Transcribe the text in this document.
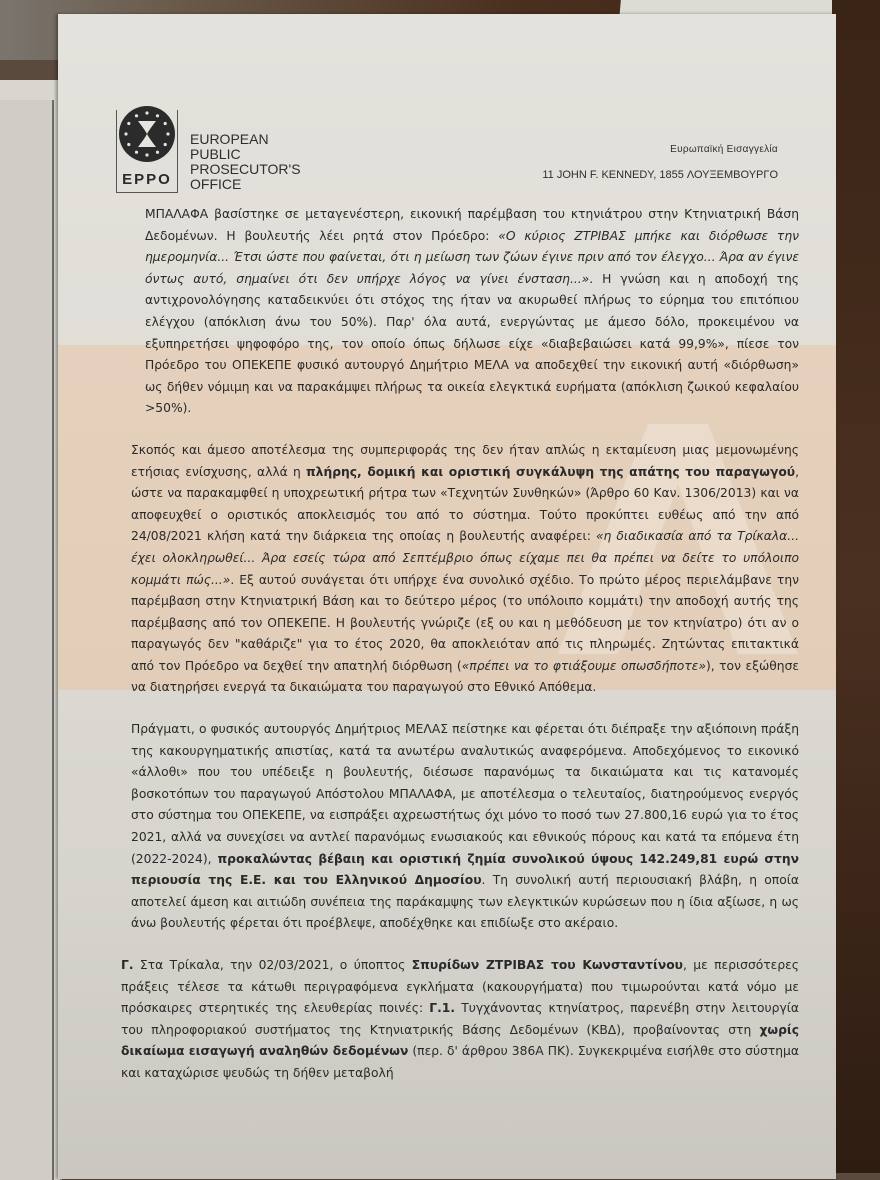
EPPO
EUROPEAN
PUBLIC
PROSECUTOR'S
OFFICE
Ευρωπαϊκή Εισαγγελία
11 JOHN F. KENNEDY, 1855 ΛΟΥΞΕΜΒΟΥΡΓΟ

ΜΠΑΛΑΦΑ βασίστηκε σε μεταγενέστερη, εικονική παρέμβαση του κτηνιάτρου στην Κτηνιατρική Βάση Δεδομένων. Η βουλευτής λέει ρητά στον Πρόεδρο: «Ο κύριος ΖΤΡΙΒΑΣ μπήκε και διόρθωσε την ημερομηνία... Έτσι ώστε που φαίνεται, ότι η μείωση των ζώων έγινε πριν από τον έλεγχο... Άρα αν έγινε όντως αυτό, σημαίνει ότι δεν υπήρχε λόγος να γίνει ένσταση...». Η γνώση και η αποδοχή της αντιχρονολόγησης καταδεικνύει ότι στόχος της ήταν να ακυρωθεί πλήρως το εύρημα του επιτόπιου ελέγχου (απόκλιση άνω του 50%). Παρ' όλα αυτά, ενεργώντας με άμεσο δόλο, προκειμένου να εξυπηρετήσει ψηφοφόρο της, τον οποίο όπως δήλωσε είχε «διαβεβαιώσει κατά 99,9%», πίεσε τον Πρόεδρο του ΟΠΕΚΕΠΕ φυσικό αυτουργό Δημήτριο ΜΕΛΑ να αποδεχθεί την εικονική αυτή «διόρθωση» ως δήθεν νόμιμη και να παρακάμψει πλήρως τα οικεία ελεγκτικά ευρήματα (απόκλιση ζωικού κεφαλαίου >50%).

Σκοπός και άμεσο αποτέλεσμα της συμπεριφοράς της δεν ήταν απλώς η εκταμίευση μιας μεμονωμένης ετήσιας ενίσχυσης, αλλά η πλήρης, δομική και οριστική συγκάλυψη της απάτης του παραγωγού, ώστε να παρακαμφθεί η υποχρεωτική ρήτρα των «Τεχνητών Συνθηκών» (Άρθρο 60 Καν. 1306/2013) και να αποφευχθεί ο οριστικός αποκλεισμός του από το σύστημα. Τούτο προκύπτει ευθέως από την από 24/08/2021 κλήση κατά την διάρκεια της οποίας η βουλευτής αναφέρει: «η διαδικασία από τα Τρίκαλα... έχει ολοκληρωθεί... Άρα εσείς τώρα από Σεπτέμβριο όπως είχαμε πει θα πρέπει να δείτε το υπόλοιπο κομμάτι πώς...». Εξ αυτού συνάγεται ότι υπήρχε ένα συνολικό σχέδιο. Το πρώτο μέρος περιελάμβανε την παρέμβαση στην Κτηνιατρική Βάση και το δεύτερο μέρος (το υπόλοιπο κομμάτι) την αποδοχή αυτής της παρέμβασης από τον ΟΠΕΚΕΠΕ. Η βουλευτής γνώριζε (εξ ου και η μεθόδευση με τον κτηνίατρο) ότι αν ο παραγωγός δεν "καθάριζε" για το έτος 2020, θα αποκλειόταν από τις πληρωμές. Ζητώντας επιτακτικά από τον Πρόεδρο να δεχθεί την απατηλή διόρθωση («πρέπει να το φτιάξουμε οπωσδήποτε»), τον εξώθησε να διατηρήσει ενεργά τα δικαιώματα του παραγωγού στο Εθνικό Απόθεμα.

Πράγματι, ο φυσικός αυτουργός Δημήτριος ΜΕΛΑΣ πείστηκε και φέρεται ότι διέπραξε την αξιόποινη πράξη της κακουργηματικής απιστίας, κατά τα ανωτέρω αναλυτικώς αναφερόμενα. Αποδεχόμενος το εικονικό «άλλοθι» που του υπέδειξε η βουλευτής, διέσωσε παρανόμως τα δικαιώματα και τις κατανομές βοσκοτόπων του παραγωγού Απόστολου ΜΠΑΛΑΦΑ, με αποτέλεσμα ο τελευταίος, διατηρούμενος ενεργός στο σύστημα του ΟΠΕΚΕΠΕ, να εισπράξει αχρεωστήτως όχι μόνο το ποσό των 27.800,16 ευρώ για το έτος 2021, αλλά να συνεχίσει να αντλεί παρανόμως ενωσιακούς και εθνικούς πόρους και κατά τα επόμενα έτη (2022-2024), προκαλώντας βέβαιη και οριστική ζημία συνολικού ύψους 142.249,81 ευρώ στην περιουσία της Ε.Ε. και του Ελληνικού Δημοσίου. Τη συνολική αυτή περιουσιακή βλάβη, η οποία αποτελεί άμεση και αιτιώδη συνέπεια της παράκαμψης των ελεγκτικών κυρώσεων που η ίδια αξίωσε, η ως άνω βουλευτής φέρεται ότι προέβλεψε, αποδέχθηκε και επιδίωξε στο ακέραιο.

Γ. Στα Τρίκαλα, την 02/03/2021, ο ύποπτος Σπυρίδων ΖΤΡΙΒΑΣ του Κωνσταντίνου, με περισσότερες πράξεις τέλεσε τα κάτωθι περιγραφόμενα εγκλήματα (κακουργήματα) που τιμωρούνται κατά νόμο με πρόσκαιρες στερητικές της ελευθερίας ποινές: Γ.1. Τυγχάνοντας κτηνίατρος, παρενέβη στην λειτουργία του πληροφοριακού συστήματος της Κτηνιατρικής Βάσης Δεδομένων (ΚΒΔ), προβαίνοντας στη χωρίς δικαίωμα εισαγωγή αναληθών δεδομένων (περ. δ' άρθρου 386Α ΠΚ). Συγκεκριμένα εισήλθε στο σύστημα και καταχώρισε ψευδώς τη δήθεν μεταβολή
